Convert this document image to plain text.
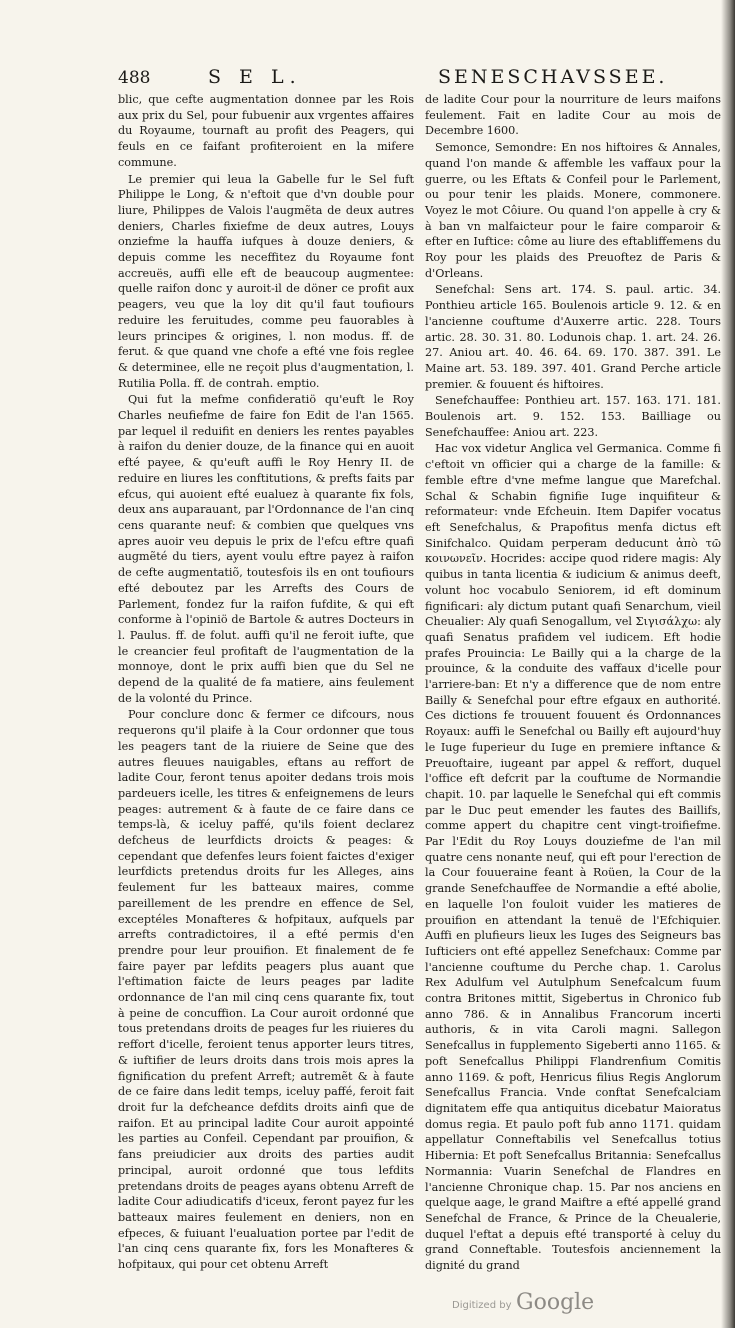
488	S E L.	SENESCHAVSSEE.

blic, que cefte augmentation donnee par les Rois aux prix du Sel, pour fubuenir aux vrgentes affaires du Royaume, tournaft au profit des Peagers, qui feuls en ce faifant profiteroient en la mifere commune.

Le premier qui leua la Gabelle fur le Sel fuft Philippe le Long, & n'eftoit que d'vn double pour liure, Philippes de Valois l'augmẽta de deux autres deniers, Charles fixiefme de deux autres, Louys onziefme la hauffa iufques à douze deniers, & depuis comme les neceffitez du Royaume font accreuës, auffi elle eft de beaucoup augmentee: quelle raifon donc y auroit-il de döner ce profit aux peagers, veu que la loy dit qu'il faut toufiours reduire les feruitudes, comme peu fauorables à leurs principes & origines, l. non modus. ff. de ferut. & que quand vne chofe a efté vne fois reglee & determinee, elle ne reçoit plus d'augmentation, l. Rutilia Polla. ff. de contrah. emptio.

Qui fut la mefme confideratiö qu'euft le Roy Charles neufiefme de faire fon Edit de l'an 1565. par lequel il reduifit en deniers les rentes payables à raifon du denier douze, de la finance qui en auoit efté payee, & qu'euft auffi le Roy Henry II. de reduire en liures les conftitutions, & prefts faits par efcus, qui auoient efté eualuez à quarante fix fols, deux ans auparauant, par l'Ordonnance de l'an cinq cens quarante neuf: & combien que quelques vns apres auoir veu depuis le prix de l'efcu eftre quafi augmẽté du tiers, ayent voulu eftre payez à raifon de cefte augmentatiõ, toutesfois ils en ont toufiours efté deboutez par les Arrefts des Cours de Parlement, fondez fur la raifon fufdite, & qui eft conforme à l'opiniö de Bartole & autres Docteurs in l. Paulus. ff. de folut. auffi qu'il ne feroit iufte, que le creancier feul profitaft de l'augmentation de la monnoye, dont le prix auffi bien que du Sel ne depend de la qualité de fa matiere, ains feulement de la volonté du Prince.

Pour conclure donc & fermer ce difcours, nous requerons qu'il plaife à la Cour ordonner que tous les peagers tant de la riuiere de Seine que des autres fleuues nauigables, eftans au reffort de ladite Cour, feront tenus apoiter dedans trois mois pardeuers icelle, les titres & enfeignemens de leurs peages: autrement & à faute de ce faire dans ce temps-là, & iceluy paffé, qu'ils foient declarez defcheus de leurfdicts droicts & peages: & cependant que defenfes leurs foient faictes d'exiger leurfdicts pretendus droits fur les Alleges, ains feulement fur les batteaux maires, comme pareillement de les prendre en effence de Sel, exceptéles Monafteres & hofpitaux, aufquels par arrefts contradictoires, il a efté permis d'en prendre pour leur prouifion. Et finalement de fe faire payer par lefdits peagers plus auant que l'eftimation faicte de leurs peages par ladite ordonnance de l'an mil cinq cens quarante fix, tout à peine de concuffion. La Cour auroit ordonné que tous pretendans droits de peages fur les riuieres du reffort d'icelle, feroient tenus apporter leurs titres, & iuftifier de leurs droits dans trois mois apres la fignification du prefent Arreft; autremẽt & à faute de ce faire dans ledit temps, iceluy paffé, feroit fait droit fur la defcheance defdits droits ainfi que de raifon. Et au principal ladite Cour auroit appointé les parties au Confeil. Cependant par prouifion, & fans preiudicier aux droits des parties audit principal, auroit ordonné que tous lefdits pretendans droits de peages ayans obtenu Arreft de ladite Cour adiudicatifs d'iceux, feront payez fur les batteaux maires feulement en deniers, non en efpeces, & fuiuant l'eualuation portee par l'edit de l'an cinq cens quarante fix, fors les Monafteres & hofpitaux, qui pour cet obtenu Arreft

de ladite Cour pour la nourriture de leurs maifons feulement. Fait en ladite Cour au mois de Decembre 1600.

Semonce, Semondre: En nos hiftoires & Annales, quand l'on mande & affemble les vaffaux pour la guerre, ou les Eftats & Confeil pour le Parlement, ou pour tenir les plaids. Monere, commonere. Voyez le mot Côiure. Ou quand l'on appelle à cry & à ban vn malfaicteur pour le faire comparoir & efter en Iuftice: côme au liure des eftabliffemens du Roy pour les plaids des Preuoftez de Paris & d'Orleans.

Senefchal: Sens art. 174. S. paul. artic. 34. Ponthieu article 165. Boulenois article 9. 12. & en l'ancienne couftume d'Auxerre artic. 228. Tours artic. 28. 30. 31. 80. Lodunois chap. 1. art. 24. 26. 27. Aniou art. 40. 46. 64. 69. 170. 387. 391. Le Maine art. 53. 189. 397. 401. Grand Perche article premier. & fouuent és hiftoires.

Senefchauffee: Ponthieu art. 157. 163. 171. 181. Boulenois art. 9. 152. 153. Bailliage ou Senefchauffee: Aniou art. 223.

Hac vox videtur Anglica vel Germanica. Comme fi c'eftoit vn officier qui a charge de la famille: & femble eftre d'vne mefme langue que Marefchal. Schal & Schabin fignifie Iuge inquifiteur & reformateur: vnde Efcheuin. Item Dapifer vocatus eft Senefchalus, & Prapofitus menfa dictus eft Sinifchalco. Quidam perperam deducunt ἀπὸ τῶ κοινωνεῖν. Hocrides: accipe quod ridere magis: Aly quibus in tanta licentia & iudicium & animus deeft, volunt hoc vocabulo Seniorem, id eft dominum fignificari: aly dictum putant quafi Senarchum, vieil Cheualier: Aly quafi Senogallum, vel Σιγισάλχω: aly quafi Senatus prafidem vel iudicem. Eft hodie prafes Prouincia: Le Bailly qui a la charge de la prouince, & la conduite des vaffaux d'icelle pour l'arriere-ban: Et n'y a difference que de nom entre Bailly & Senefchal pour eftre efgaux en authorité. Ces dictions fe trouuent fouuent és Ordonnances Royaux: auffi le Senefchal ou Bailly eft aujourd'huy le Iuge fuperieur du Iuge en premiere inftance & Preuoftaire, iugeant par appel & reffort, duquel l'office eft defcrit par la couftume de Normandie chapit. 10. par laquelle le Senefchal qui eft commis par le Duc peut emender les fautes des Baillifs, comme appert du chapitre cent vingt-troifiefme. Par l'Edit du Roy Louys douziefme de l'an mil quatre cens nonante neuf, qui eft pour l'erection de la Cour fouueraine feant à Roüen, la Cour de la grande Senefchauffee de Normandie a efté abolie, en laquelle l'on fouloit vuider les matieres de prouifion en attendant la tenuë de l'Efchiquier. Auffi en plufieurs lieux les Iuges des Seigneurs bas Iufticiers ont efté appellez Senefchaux: Comme par l'ancienne couftume du Perche chap. 1. Carolus Rex Adulfum vel Autulphum Senefcalcum fuum contra Britones mittit, Sigebertus in Chronico fub anno 786. & in Annalibus Francorum incerti authoris, & in vita Caroli magni. Sallegon Senefcallus in fupplemento Sigeberti anno 1165. & poft Senefcallus Philippi Flandrenfium Comitis anno 1169. & poft, Henricus filius Regis Anglorum Senefcallus Francia. Vnde conftat Senefcalciam dignitatem effe qua antiquitus dicebatur Maioratus domus regia. Et paulo poft fub anno 1171. quidam appellatur Conneftabilis vel Senefcallus totius Hibernia: Et poft Senefcallus Britannia: Senefcallus Normannia: Vuarin Senefchal de Flandres en l'ancienne Chronique chap. 15. Par nos anciens en quelque aage, le grand Maiftre a efté appellé grand Senefchal de France, & Prince de la Cheualerie, duquel l'eftat a depuis efté transporté à celuy du grand Conneftable. Toutesfois anciennement la dignité du grand

Digitized by Google
